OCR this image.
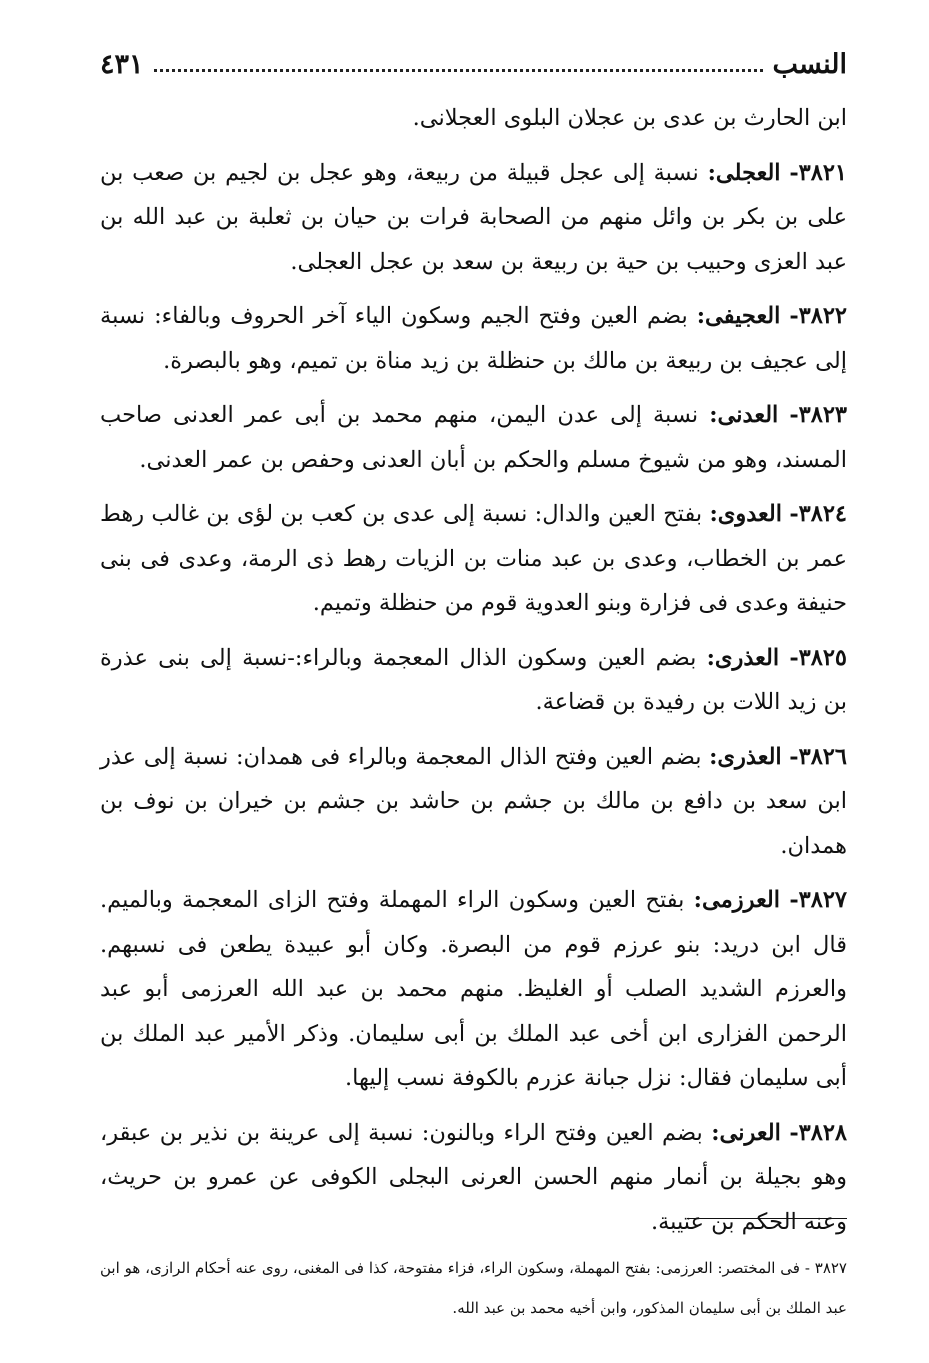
النسب
٤٣١

ابن الحارث بن عدى بن عجلان البلوى العجلانى.

٣٨٢١- العجلى: نسبة إلى عجل قبيلة من ربيعة، وهو عجل بن لجيم بن صعب بن على بن بكر بن وائل منهم من الصحابة فرات بن حيان بن ثعلبة بن عبد الله بن عبد العزى وحبيب بن حية بن ربيعة بن سعد بن عجل العجلى.

٣٨٢٢- العجيفى: بضم العين وفتح الجيم وسكون الياء آخر الحروف وبالفاء: نسبة إلى عجيف بن ربيعة بن مالك بن حنظلة بن زيد مناة بن تميم، وهو بالبصرة.

٣٨٢٣- العدنى: نسبة إلى عدن اليمن، منهم محمد بن أبى عمر العدنى صاحب المسند، وهو من شيوخ مسلم والحكم بن أبان العدنى وحفص بن عمر العدنى.

٣٨٢٤- العدوى: بفتح العين والدال: نسبة إلى عدى بن كعب بن لؤى بن غالب رهط عمر بن الخطاب، وعدى بن عبد منات بن الزيات رهط ذى الرمة، وعدى فى بنى حنيفة وعدى فى فزارة وبنو العدوية قوم من حنظلة وتميم.

٣٨٢٥- العذرى: بضم العين وسكون الذال المعجمة وبالراء:-نسبة إلى بنى عذرة بن زيد اللات بن رفيدة بن قضاعة.

٣٨٢٦- العذرى: بضم العين وفتح الذال المعجمة وبالراء فى همدان: نسبة إلى عذر ابن سعد بن دافع بن مالك بن جشم بن حاشد بن جشم بن خيران بن نوف بن همدان.

٣٨٢٧- العرزمى: بفتح العين وسكون الراء المهملة وفتح الزاى المعجمة وبالميم. قال ابن دريد: بنو عرزم قوم من البصرة. وكان أبو عبيدة يطعن فى نسبهم. والعرزم الشديد الصلب أو الغليظ. منهم محمد بن عبد الله العرزمى أبو عبد الرحمن الفزارى ابن أخى عبد الملك بن أبى سليمان. وذكر الأمير عبد الملك بن أبى سليمان فقال: نزل جبانة عزرم بالكوفة نسب إليها.

٣٨٢٨- العرنى: بضم العين وفتح الراء وبالنون: نسبة إلى عرينة بن نذير بن عبقر، وهو بجيلة بن أنمار منهم الحسن العرنى البجلى الكوفى عن عمرو بن حريث، وعنه الحكم بن عتيبة.

٣٨٢٧ - فى المختصر: العرزمى: بفتح المهملة، وسكون الراء، فزاء مفتوحة، كذا فى المغنى، روى عنه أحكام الرازى، هو ابن عبد الملك بن أبى سليمان المذكور، وابن أخيه محمد بن عبد الله.
